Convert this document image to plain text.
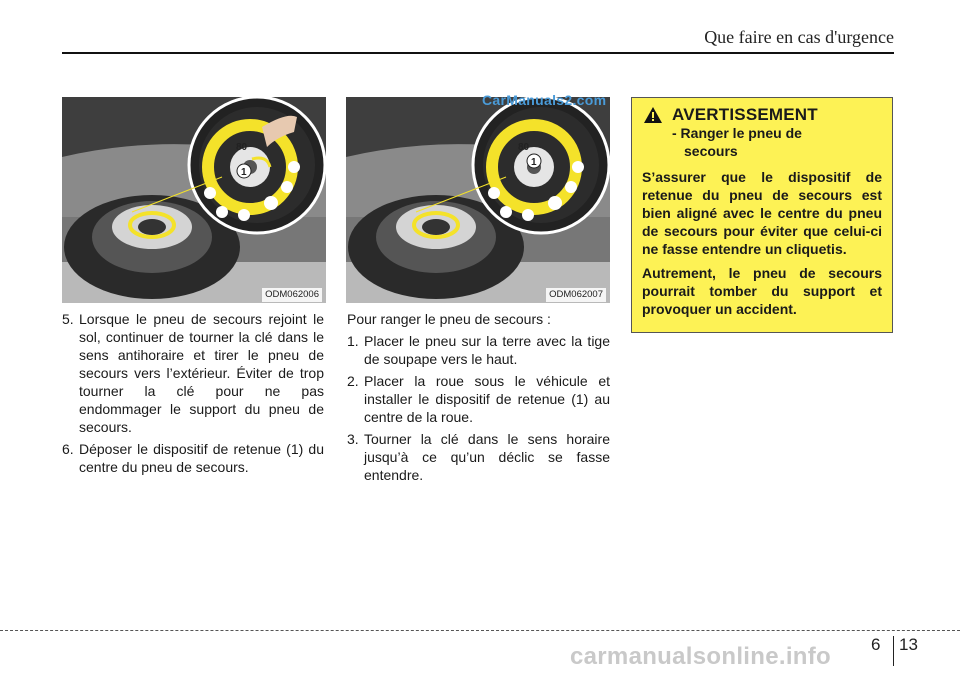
Que faire en cas d'urgence
80
1
ODM062006
80
1
ODM062007
CarManuals2.com
5. Lorsque le pneu de secours rejoint le sol, continuer de tourner la clé dans le sens antihoraire et tirer le pneu de secours vers l’extérieur. Éviter de trop tourner la clé pour ne pas endommager le support du pneu de secours.
6. Déposer le dispositif de retenue (1) du centre du pneu de secours.

Pour ranger le pneu de secours :

1. Placer le pneu sur la terre avec la tige de soupape vers le haut.
2. Placer la roue sous le véhicule et installer le dispositif de retenue (1) au centre de la roue.
3. Tourner la clé dans le sens horaire jusqu’à ce qu’un déclic se fasse entendre.
AVERTISSEMENT
- Ranger le pneu de
secours
S’assurer que le dispositif de retenue du pneu de secours est bien aligné avec le centre du pneu de secours pour éviter que celui-ci ne fasse entendre un cliquetis.
Autrement, le pneu de secours pourrait tomber du support et provoquer un accident.
6 13
carmanualsonline.info
